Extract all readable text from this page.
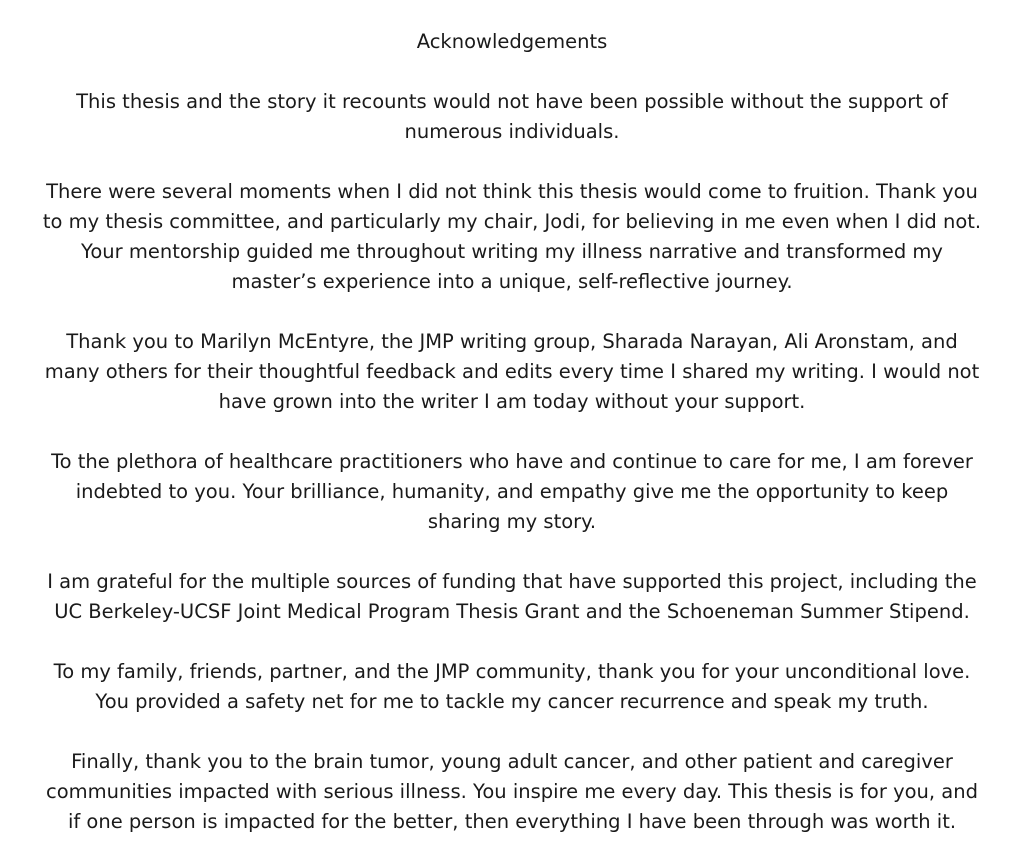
Acknowledgements

This thesis and the story it recounts would not have been possible without the support of
numerous individuals.

There were several moments when I did not think this thesis would come to fruition. Thank you
to my thesis committee, and particularly my chair, Jodi, for believing in me even when I did not.
Your mentorship guided me throughout writing my illness narrative and transformed my
master’s experience into a unique, self-reflective journey.

Thank you to Marilyn McEntyre, the JMP writing group, Sharada Narayan, Ali Aronstam, and
many others for their thoughtful feedback and edits every time I shared my writing. I would not
have grown into the writer I am today without your support.

To the plethora of healthcare practitioners who have and continue to care for me, I am forever
indebted to you. Your brilliance, humanity, and empathy give me the opportunity to keep
sharing my story.

I am grateful for the multiple sources of funding that have supported this project, including the
UC Berkeley-UCSF Joint Medical Program Thesis Grant and the Schoeneman Summer Stipend.

To my family, friends, partner, and the JMP community, thank you for your unconditional love.
You provided a safety net for me to tackle my cancer recurrence and speak my truth.

Finally, thank you to the brain tumor, young adult cancer, and other patient and caregiver
communities impacted with serious illness. You inspire me every day. This thesis is for you, and
if one person is impacted for the better, then everything I have been through was worth it.
